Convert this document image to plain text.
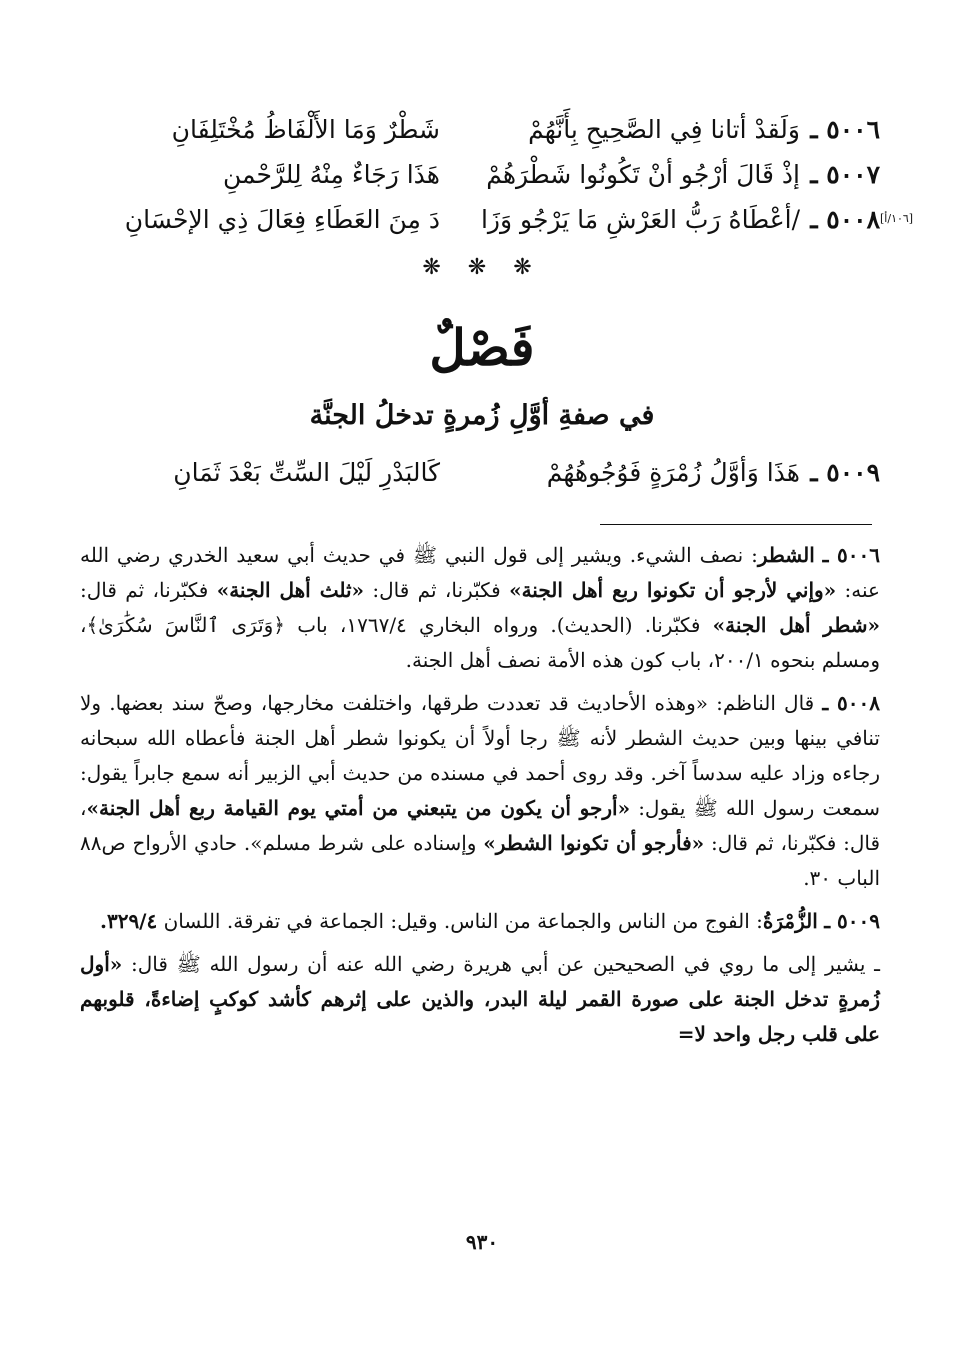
٥٠٠٦ ـ
وَلَقدْ أتانا فِي الصَّحِيحِ بِأَنَّهُمْ
شَطْرٌ وَمَا الأَلْفَاظُ مُخْتَلِفَانِ
٥٠٠٧ ـ
إذْ قَالَ أرْجُو أنْ تَكُونُوا شَطْرَهُمْ
هَذَا رَجَاءٌ مِنْهُ لِلرَّحْمنِ
٥٠٠٨ ـ
/أعْطَاهُ رَبُّ العَرْشِ مَا يَرْجُو وَزَا
دَ مِنَ العَطَاءِ فِعَالَ ذِي الإحْسَانِ	[١٠٦/أ]
❋ ❋ ❋
فَصْلٌ
في صفةِ أوَّلِ زُمرةٍ تدخلُ الجنَّة
٥٠٠٩ ـ
هَذَا وَأوَّلُ زُمْرَةٍ فَوُجُوهُهُمْ
كَالبَدْرِ لَيْلَ السِّتِّ بَعْدَ ثَمَانِ

٥٠٠٦ ـ الشطر: نصف الشيء. ويشير إلى قول النبي ﷺ في حديث أبي سعيد الخدري رضي الله عنه: «وإني لأرجو أن تكونوا ربع أهل الجنة» فكبّرنا، ثم قال: «ثلث أهل الجنة» فكبّرنا، ثم قال: «شطر أهل الجنة» فكبّرنا. (الحديث). ورواه البخاري ١٧٦٧/٤، باب ﴿وَتَرَى ٱلنَّاسَ سُكَٰرَىٰ﴾، ومسلم بنحوه ٢٠٠/١، باب كون هذه الأمة نصف أهل الجنة.

٥٠٠٨ ـ قال الناظم: «وهذه الأحاديث قد تعددت طرقها، واختلفت مخارجها، وصحّ سند بعضها. ولا تنافي بينها وبين حديث الشطر لأنه ﷺ رجا أولاً أن يكونوا شطر أهل الجنة فأعطاه الله سبحانه رجاءه وزاد عليه سدساً آخر. وقد روى أحمد في مسنده من حديث أبي الزبير أنه سمع جابراً يقول: سمعت رسول الله ﷺ يقول: «أرجو أن يكون من يتبعني من أمتي يوم القيامة ربع أهل الجنة»، قال: فكبّرنا، ثم قال: «فأرجو أن تكونوا الشطر» وإسناده على شرط مسلم». حادي الأرواح ص٨٨ الباب ٣٠.

٥٠٠٩ ـ الزُّمْرَةُ: الفوج من الناس والجماعة من الناس. وقيل: الجماعة في تفرقة. اللسان ٣٢٩/٤.

ـ يشير إلى ما روي في الصحيحين عن أبي هريرة رضي الله عنه أن رسول الله ﷺ قال: «أول زُمرةٍ تدخل الجنة على صورة القمر ليلة البدر، والذين على إثرهم كأشد كوكبٍ إضاءةً، قلوبهم على قلب رجل واحد لا=

٩٣٠
